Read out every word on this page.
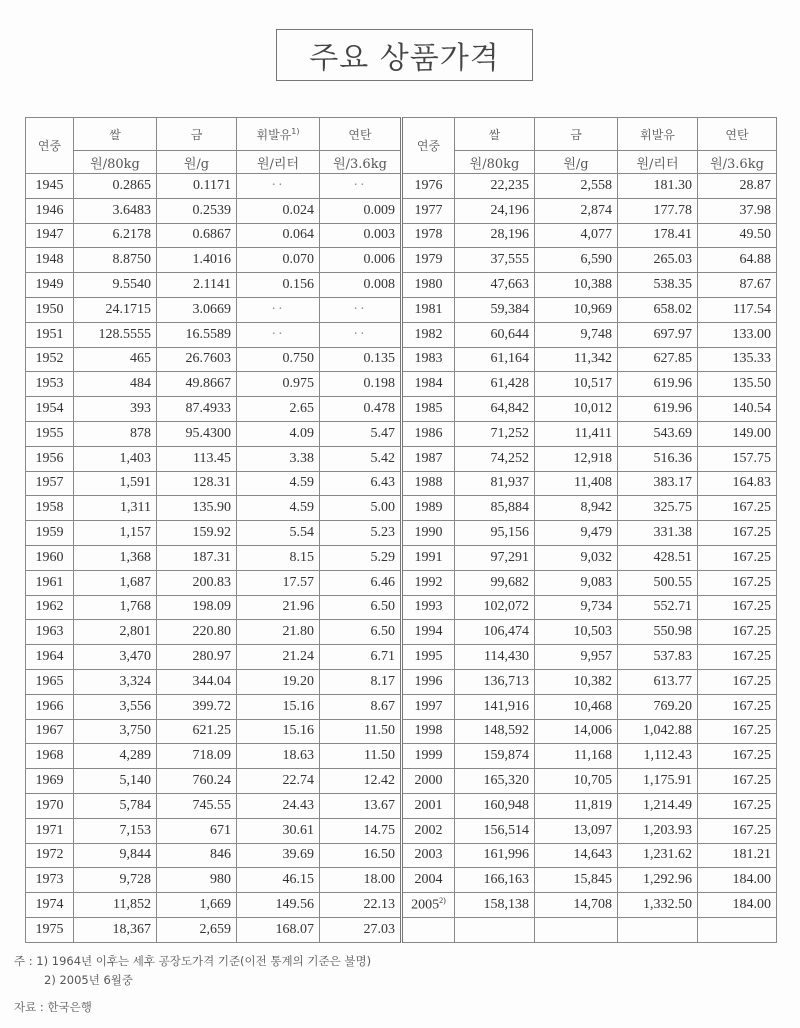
주요 상품가격
연중	쌀	금	휘발유$^{1)}$	연탄	연중	쌀	금	휘발유	연탄
	원/80kg	원/g	원/리터	원/3.6kg		원/80kg	원/g	원/리터	원/3.6kg
1945	0.2865	0.1171	··	··	1976	22,235	2,558	181.30	28.87
1946	3.6483	0.2539	0.024	0.009	1977	24,196	2,874	177.78	37.98
1947	6.2178	0.6867	0.064	0.003	1978	28,196	4,077	178.41	49.50
1948	8.8750	1.4016	0.070	0.006	1979	37,555	6,590	265.03	64.88
1949	9.5540	2.1141	0.156	0.008	1980	47,663	10,388	538.35	87.67
1950	24.1715	3.0669	··	··	1981	59,384	10,969	658.02	117.54
1951	128.5555	16.5589	··	··	1982	60,644	9,748	697.97	133.00
1952	465	26.7603	0.750	0.135	1983	61,164	11,342	627.85	135.33
1953	484	49.8667	0.975	0.198	1984	61,428	10,517	619.96	135.50
1954	393	87.4933	2.65	0.478	1985	64,842	10,012	619.96	140.54
1955	878	95.4300	4.09	5.47	1986	71,252	11,411	543.69	149.00
1956	1,403	113.45	3.38	5.42	1987	74,252	12,918	516.36	157.75
1957	1,591	128.31	4.59	6.43	1988	81,937	11,408	383.17	164.83
1958	1,311	135.90	4.59	5.00	1989	85,884	8,942	325.75	167.25
1959	1,157	159.92	5.54	5.23	1990	95,156	9,479	331.38	167.25
1960	1,368	187.31	8.15	5.29	1991	97,291	9,032	428.51	167.25
1961	1,687	200.83	17.57	6.46	1992	99,682	9,083	500.55	167.25
1962	1,768	198.09	21.96	6.50	1993	102,072	9,734	552.71	167.25
1963	2,801	220.80	21.80	6.50	1994	106,474	10,503	550.98	167.25
1964	3,470	280.97	21.24	6.71	1995	114,430	9,957	537.83	167.25
1965	3,324	344.04	19.20	8.17	1996	136,713	10,382	613.77	167.25
1966	3,556	399.72	15.16	8.67	1997	141,916	10,468	769.20	167.25
1967	3,750	621.25	15.16	11.50	1998	148,592	14,006	1,042.88	167.25
1968	4,289	718.09	18.63	11.50	1999	159,874	11,168	1,112.43	167.25
1969	5,140	760.24	22.74	12.42	2000	165,320	10,705	1,175.91	167.25
1970	5,784	745.55	24.43	13.67	2001	160,948	11,819	1,214.49	167.25
1971	7,153	671	30.61	14.75	2002	156,514	13,097	1,203.93	167.25
1972	9,844	846	39.69	16.50	2003	161,996	14,643	1,231.62	181.21
1973	9,728	980	46.15	18.00	2004	166,163	15,845	1,292.96	184.00
1974	11,852	1,669	149.56	22.13	2005$^{2)}$	158,138	14,708	1,332.50	184.00
1975	18,367	2,659	168.07	27.03					
주 : 1) 1964년 이후는 세후 공장도가격 기준(이전 통계의 기준은 불명)
2) 2005년 6월중
자료 : 한국은행
